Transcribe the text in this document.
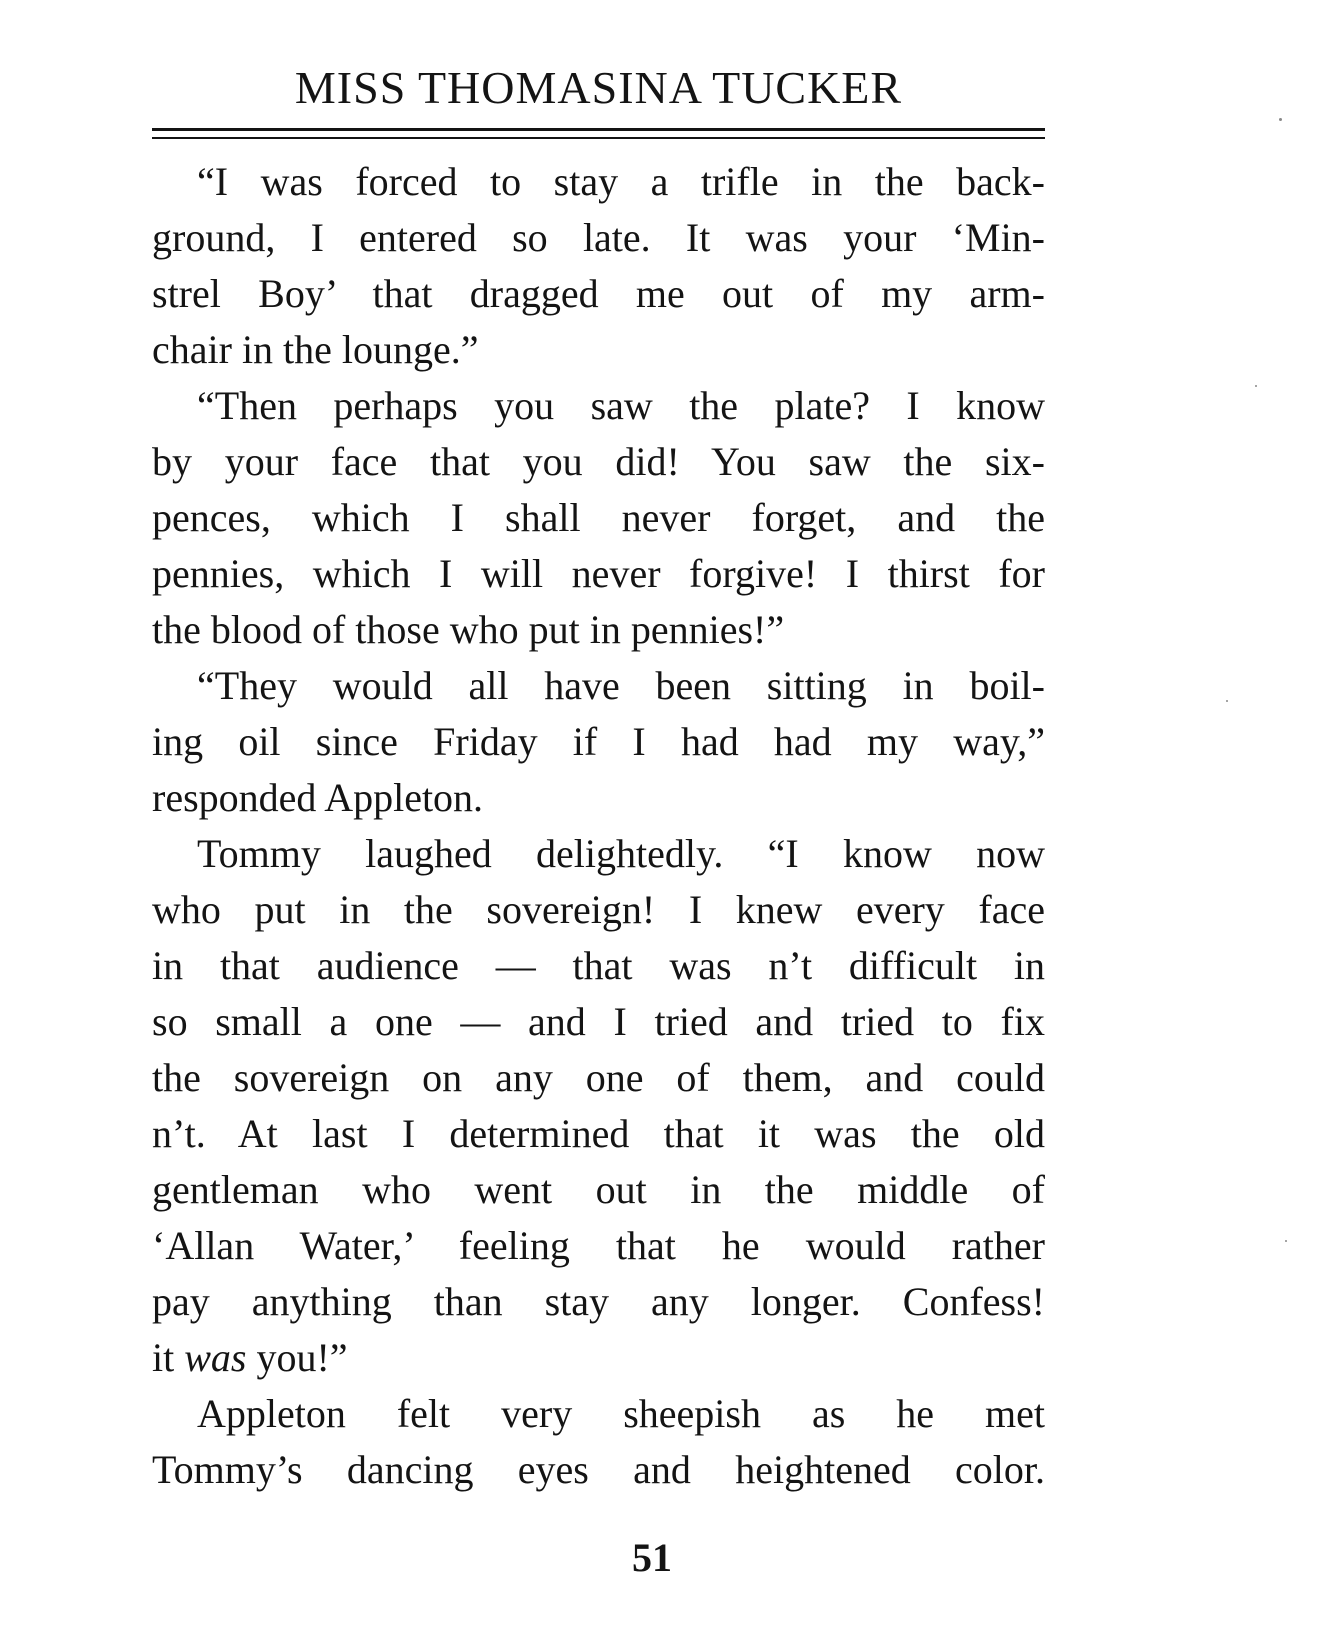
MISS THOMASINA TUCKER
“I was forced to stay a trifle in the back-
ground, I entered so late. It was your ‘Min-
strel Boy’ that dragged me out of my arm-
chair in the lounge.”
“Then perhaps you saw the plate? I know
by your face that you did! You saw the six-
pences, which I shall never forget, and the
pennies, which I will never forgive! I thirst for
the blood of those who put in pennies!”
“They would all have been sitting in boil-
ing oil since Friday if I had had my way,”
responded Appleton.
Tommy laughed delightedly. “I know now
who put in the sovereign! I knew every face
in that audience — that was n’t difficult in
so small a one — and I tried and tried to fix
the sovereign on any one of them, and could
n’t. At last I determined that it was the old
gentleman who went out in the middle of
‘Allan Water,’ feeling that he would rather
pay anything than stay any longer. Confess!
it was you!”
Appleton felt very sheepish as he met
Tommy’s dancing eyes and heightened color.
51
